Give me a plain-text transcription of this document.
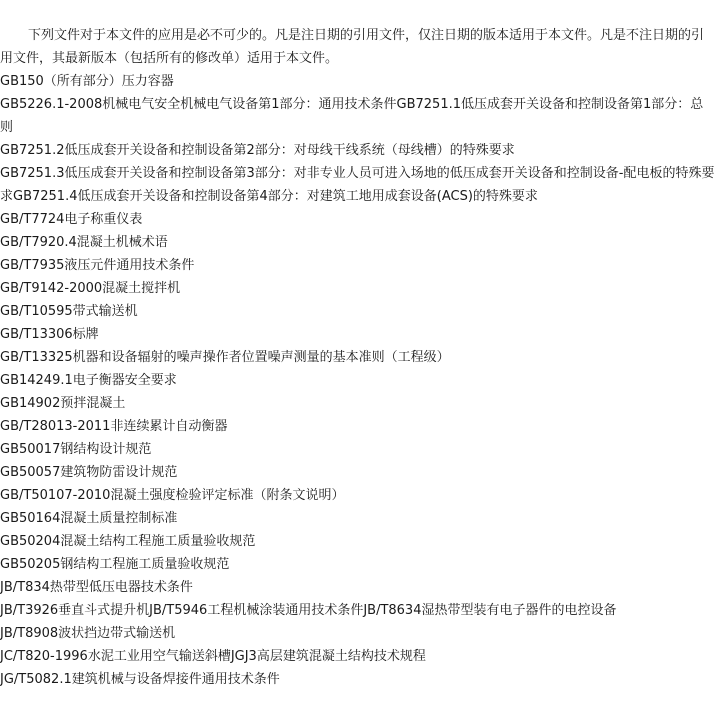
下列文件对于本文件的应用是必不可少的。凡是注日期的引用文件，仅注日期的版本适用于本文件。凡是不注日期的引用文件，其最新版本（包括所有的修改单）适用于本文件。

GB150（所有部分）压力容器
GB5226.1-2008机械电气安全机械电气设备第1部分：通用技术条件GB7251.1低压成套开关设备和控制设备第1部分：总则
GB7251.2低压成套开关设备和控制设备第2部分：对母线干线系统（母线槽）的特殊要求
GB7251.3低压成套开关设备和控制设备第3部分：对非专业人员可进入场地的低压成套开关设备和控制设备-配电板的特殊要求GB7251.4低压成套开关设备和控制设备第4部分：对建筑工地用成套设备(ACS)的特殊要求
GB/T7724电子称重仪表
GB/T7920.4混凝土机械术语
GB/T7935液压元件通用技术条件
GB/T9142-2000混凝土搅拌机
GB/T10595带式输送机
GB/T13306标牌
GB/T13325机器和设备辐射的噪声操作者位置噪声测量的基本准则（工程级）
GB14249.1电子衡器安全要求
GB14902预拌混凝土
GB/T28013-2011非连续累计自动衡器
GB50017钢结构设计规范
GB50057建筑物防雷设计规范
GB/T50107-2010混凝土强度检验评定标准（附条文说明）
GB50164混凝土质量控制标准
GB50204混凝土结构工程施工质量验收规范
GB50205钢结构工程施工质量验收规范
JB/T834热带型低压电器技术条件
JB/T3926垂直斗式提升机JB/T5946工程机械涂装通用技术条件JB/T8634湿热带型装有电子器件的电控设备
JB/T8908波状挡边带式输送机
JC/T820-1996水泥工业用空气输送斜槽JGJ3高层建筑混凝土结构技术规程
JG/T5082.1建筑机械与设备焊接件通用技术条件
